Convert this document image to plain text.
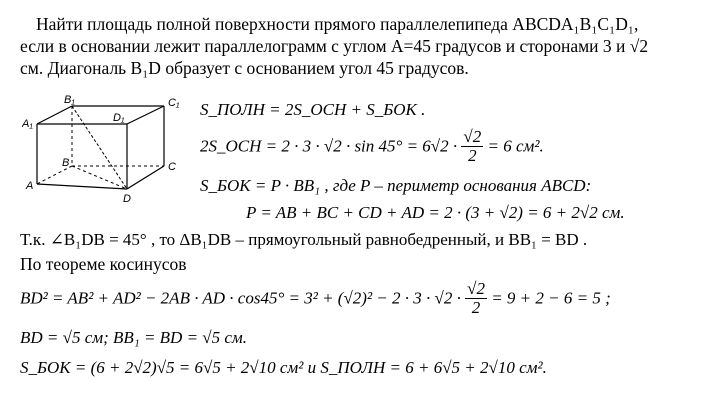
Найти площадь полной поверхности прямого параллелепипеда ABCDA₁B₁C₁D₁,
если в основании лежит параллелограмм с углом A=45 градусов и сторонами 3 и √2
см. Диагональ B₁D образует с основанием угол 45 градусов.
B₁	C₁
A₁	D₁
B	C
A
D
S_ПОЛН = 2S_ОСН + S_БОК .
2S_ОСН = $2 \cdot 3 \cdot √2 \cdot \sin 45^\circ = 6√2 \cdot \frac{√2}{2} = 6$ см².
S_БОК = P · BB₁ , где P – периметр основания ABCD:
P = AB + BC + CD + AD = 2 · (3 + √2) = 6 + 2√2 см.
Т.к. ∠B₁DB = 45° , то ΔB₁DB – прямоугольный равнобедренный, и BB₁ = BD .
По теореме косинусов
BD² = AB² + AD² − 2AB · AD · $\cos 45^\circ = 3^2 + (√2)^2 - 2 \cdot 3 \cdot √2 \cdot \frac{√2}{2} = 9 + 2 - 6 = 5$ ;
BD = √5 см; BB₁ = BD = √5 см.
S_БОК = (6 + 2√2)√5 = 6√5 + 2√10 см² и S_ПОЛН = 6 + 6√5 + 2√10 см².
